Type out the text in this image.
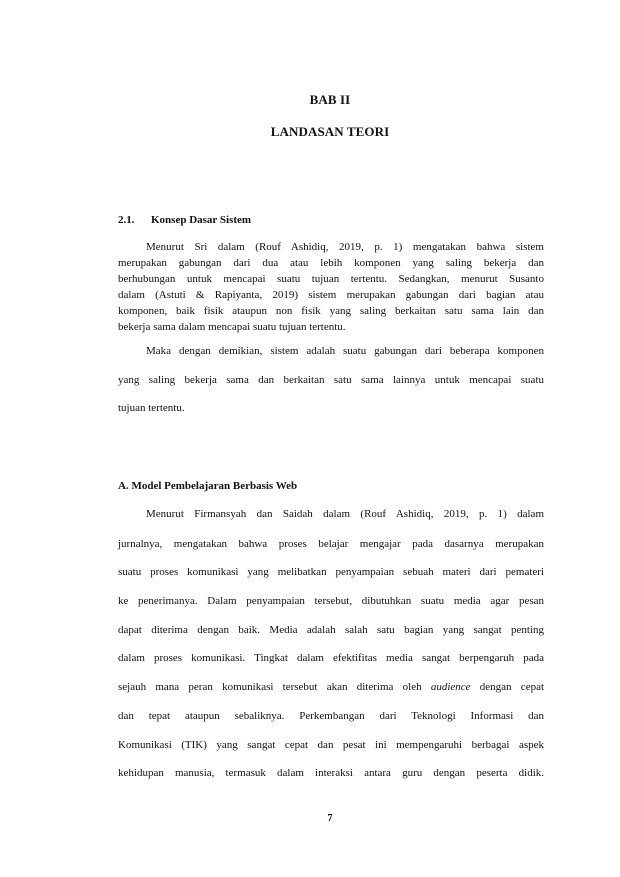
BAB II
LANDASAN TEORI
2.1. Konsep Dasar Sistem
Menurut Sri dalam (Rouf Ashidiq, 2019, p. 1) mengatakan bahwa sistem
merupakan gabungan dari dua atau lebih komponen yang saling bekerja dan
berhubungan untuk mencapai suatu tujuan tertentu. Sedangkan, menurut Susanto
dalam (Astuti & Rapiyanta, 2019) sistem merupakan gabungan dari bagian atau
komponen, baik fisik ataupun non fisik yang saling berkaitan satu sama lain dan
bekerja sama dalam mencapai suatu tujuan tertentu.
Maka dengan demikian, sistem adalah suatu gabungan dari beberapa komponen
yang saling bekerja sama dan berkaitan satu sama lainnya untuk mencapai suatu
tujuan tertentu.
A. Model Pembelajaran Berbasis Web
Menurut Firmansyah dan Saidah dalam (Rouf Ashidiq, 2019, p. 1) dalam
jurnalnya, mengatakan bahwa proses belajar mengajar pada dasarnya merupakan
suatu proses komunikasi yang melibatkan penyampaian sebuah materi dari pemateri
ke penerimanya. Dalam penyampaian tersebut, dibutuhkan suatu media agar pesan
dapat diterima dengan baik. Media adalah salah satu bagian yang sangat penting
dalam proses komunikasi. Tingkat dalam efektifitas media sangat berpengaruh pada
sejauh mana peran komunikasi tersebut akan diterima oleh audience dengan cepat
dan tepat ataupun sebaliknya. Perkembangan dari Teknologi Informasi dan
Komunikasi (TIK) yang sangat cepat dan pesat ini mempengaruhi berbagai aspek
kehidupan manusia, termasuk dalam interaksi antara guru dengan peserta didik.
7
